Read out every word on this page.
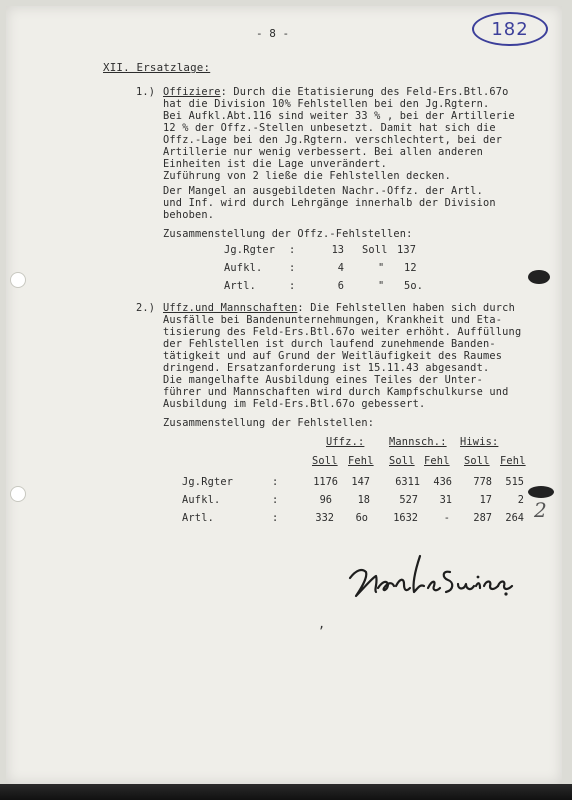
- 8 -	182
XII. Ersatzlage:
1.) Offiziere: Durch die Etatisierung des Feld-Ers.Btl.67o
hat die Division 10% Fehlstellen bei den Jg.Rgtern.
Bei Aufkl.Abt.116 sind weiter 33 % , bei der Artillerie
12 % der Offz.-Stellen unbesetzt. Damit hat sich die
Offz.-Lage bei den Jg.Rgtern. verschlechtert, bei der
Artillerie nur wenig verbessert. Bei allen anderen
Einheiten ist die Lage unverändert.
Zuführung von 2 ließe die Fehlstellen decken.
Der Mangel an ausgebildeten Nachr.-Offz. der Artl.
und Inf. wird durch Lehrgänge innerhalb der Division
behoben.
Zusammenstellung der Offz.-Fehlstellen:
Jg.Rgter :	13 Soll 137
Aufkl.	:	4	" 12
Artl.	:	6	" 5o.
2.) Uffz.und Mannschaften: Die Fehlstellen haben sich durch
Ausfälle bei Bandenunternehmungen, Krankheit und Eta-
tisierung des Feld-Ers.Btl.67o weiter erhöht. Auffüllung
der Fehlstellen ist durch laufend zunehmende Banden-
tätigkeit und auf Grund der Weitläufigkeit des Raumes
dringend. Ersatzanforderung ist 15.11.43 abgesandt.
Die mangelhafte Ausbildung eines Teiles der Unter-
führer und Mannschaften wird durch Kampfschulkurse und
Ausbildung im Feld-Ers.Btl.67o gebessert.
Zusammenstellung der Fehlstellen:
Uffz.: Mannsch.: Hiwis:
Soll Fehl Soll Fehl Soll Fehl
Jg.Rgter	:	1176	147	6311	436	778	515
Aufkl.	:	96	18	527	31	17	2
Artl.	:	332	6o	1632	-	287	264 2
,
